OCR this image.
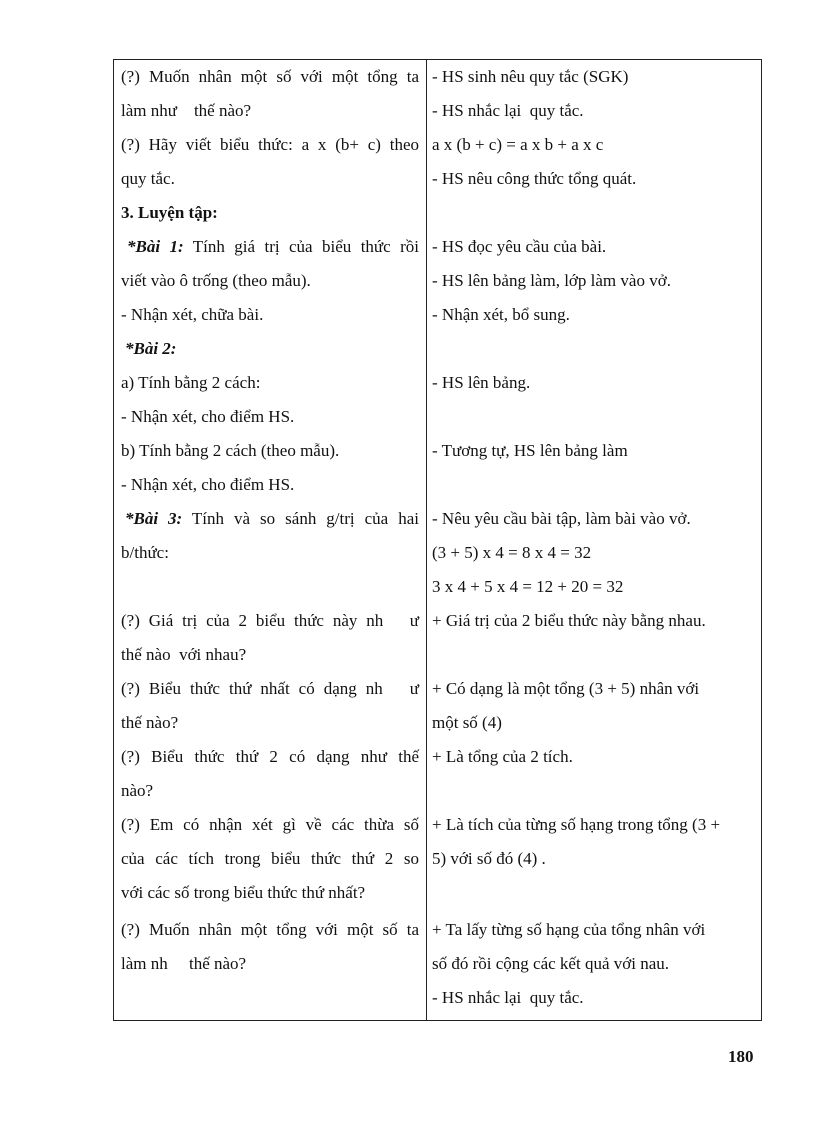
(?) Muốn nhân một số với một tổng ta
làm như    thế nào?
(?) Hãy viết biểu thức: a x (b+ c) theo
quy tắc.
3. Luyện tập:
*Bài 1: Tính giá trị của biểu thức rồi
viết vào ô trống (theo mẫu).
- Nhận xét, chữa bài.
*Bài 2:
a) Tính bằng 2 cách:
- Nhận xét, cho điểm HS.
b) Tính bằng 2 cách (theo mẫu).
- Nhận xét, cho điểm HS.
*Bài 3: Tính và so sánh g/trị của hai
b/thức:
(?) Giá trị của 2 biểu thức này nh   ư
thế nào  với nhau?
(?) Biểu thức thứ nhất có dạng nh   ư
thế nào?
(?) Biểu thức thứ 2 có dạng như thế
nào?
(?) Em có nhận xét gì về các thừa số
của các tích trong biểu thức thứ 2 so
với các số trong biểu thức thứ nhất?
(?) Muốn nhân một tổng với một số ta
làm nh     thế nào?
- HS sinh nêu quy tắc (SGK)
- HS nhắc lại  quy tắc.
a x (b + c) = a x b + a x c
- HS nêu công thức tổng quát.
- HS đọc yêu cầu của bài.
- HS lên bảng làm, lớp làm vào vở.
- Nhận xét, bổ sung.
- HS lên bảng.
- Tương tự, HS lên bảng làm
- Nêu yêu cầu bài tập, làm bài vào vở.
(3 + 5) x 4 = 8 x 4 = 32
3 x 4 + 5 x 4 = 12 + 20 = 32
+ Giá trị của 2 biểu thức này bằng nhau.
+ Có dạng là một tổng (3 + 5) nhân với
một số (4)
+ Là tổng của 2 tích.
+ Là tích của từng số hạng trong tổng (3 +
5) với số đó (4) .
+ Ta lấy từng số hạng của tổng nhân với
số đó rồi cộng các kết quả với nau.
- HS nhắc lại  quy tắc.
180
